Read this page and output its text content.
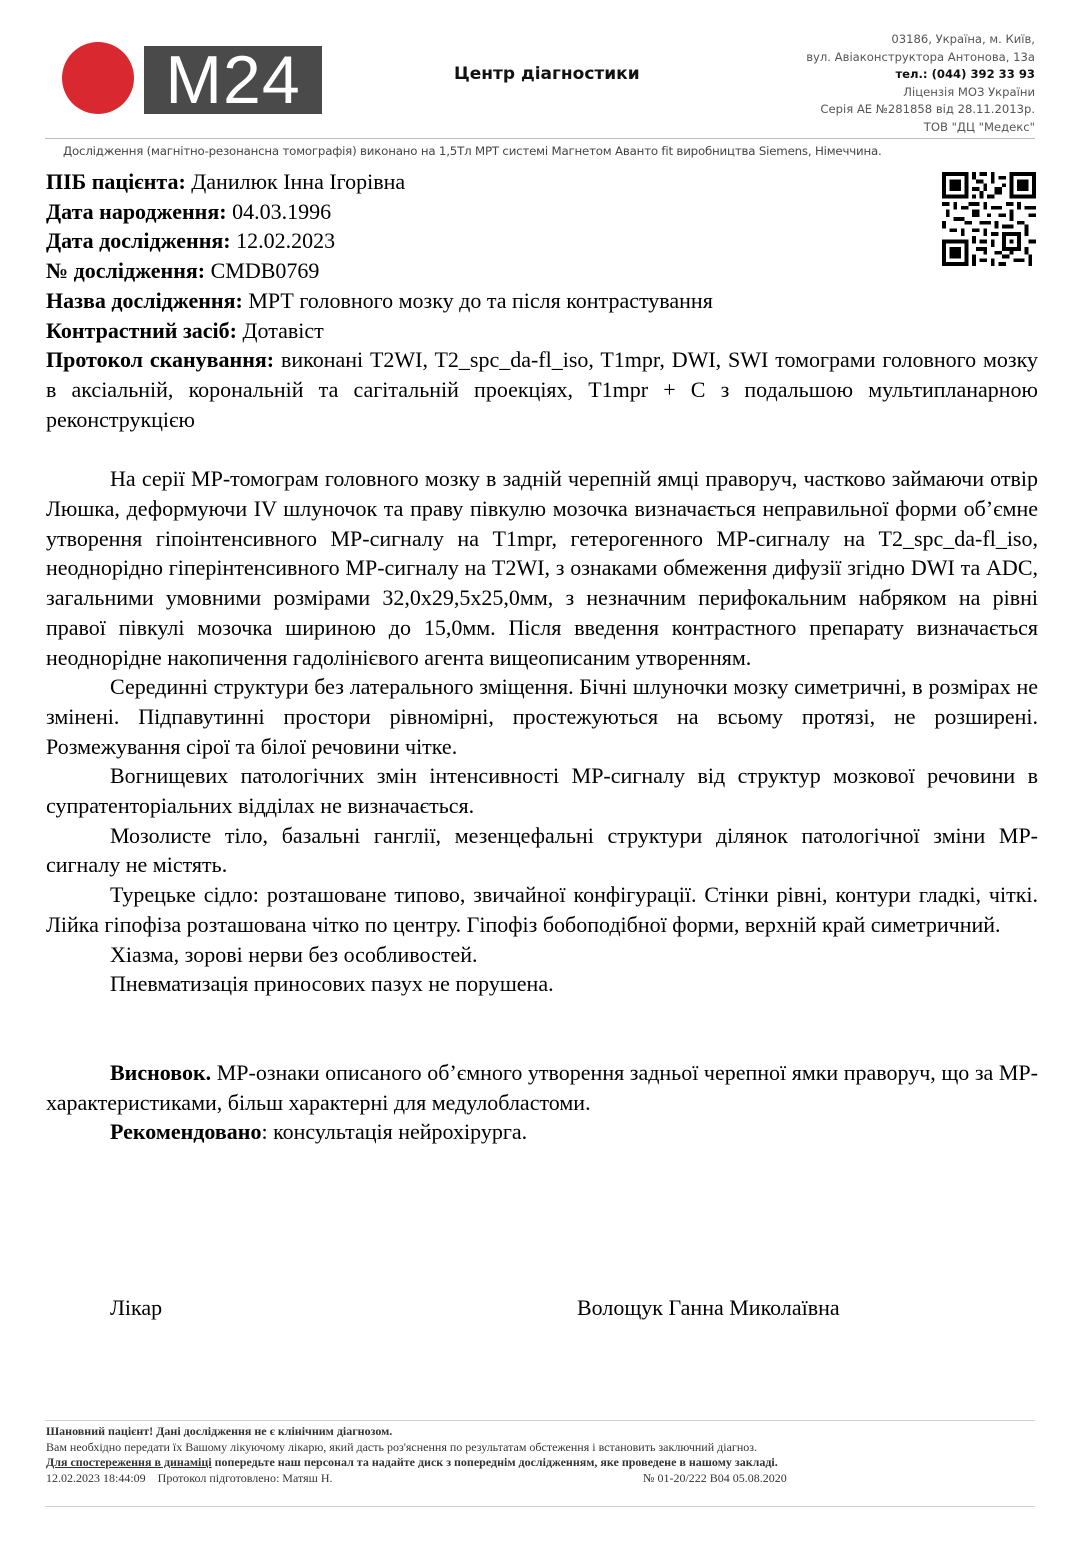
M24	Центр діагностики
03186, Україна, м. Київ,
вул. Авіаконструктора Антонова, 13а
тел.: (044) 392 33 93
Ліцензія МОЗ України
Серія АЕ №281858 від 28.11.2013р.
ТОВ "ДЦ "Медекс"
Дослідження (магнітно-резонансна томографія) виконано на 1,5Тл МРТ системі Магнетом Аванто fit виробництва Siemens, Німеччина.

ПІБ пацієнта: Данилюк Інна Ігорівна

Дата народження: 04.03.1996

Дата дослідження: 12.02.2023

№ дослідження: CMDB0769

Назва дослідження: МРТ головного мозку до та після контрастування

Контрастний засіб: Дотавіст

Протокол сканування: виконані T2WI, T2_spc_da-fl_iso, T1mpr, DWI, SWI томограми головного мозку в аксіальній, корональній та сагітальній проекціях, T1mpr + C з подальшою мультипланарною реконструкцією

На серії МР-томограм головного мозку в задній черепній ямці праворуч, частково займаючи отвір Люшка, деформуючи IV шлуночок та праву півкулю мозочка визначається неправильної форми об’ємне утворення гіпоінтенсивного МР-сигналу на T1mpr, гетерогенного МР-сигналу на T2_spc_da-fl_iso, неоднорідно гіперінтенсивного МР-сигналу на T2WI, з ознаками обмеження дифузії згідно DWI та ADC, загальними умовними розмірами 32,0х29,5х25,0мм, з незначним перифокальним набряком на рівні правої півкулі мозочка шириною до 15,0мм. Після введення контрастного препарату визначається неоднорідне накопичення гадолінієвого агента вищеописаним утворенням.

Серединні структури без латерального зміщення. Бічні шлуночки мозку симетричні, в розмірах не змінені. Підпавутинні простори рівномірні, простежуються на всьому протязі, не розширені. Розмежування сірої та білої речовини чітке.

Вогнищевих патологічних змін інтенсивності МР-сигналу від структур мозкової речовини в супратенторіальних відділах не визначається.

Мозолисте тіло, базальні ганглії, мезенцефальні структури ділянок патологічної зміни МР-сигналу не містять.

Турецьке сідло: розташоване типово, звичайної конфігурації. Стінки рівні, контури гладкі, чіткі. Лійка гіпофіза розташована чітко по центру. Гіпофіз бобоподібної форми, верхній край симетричний.

Хіазма, зорові нерви без особливостей.

Пневматизація приносових пазух не порушена.

Висновок. МР-ознаки описаного об’ємного утворення задньої черепної ямки праворуч, що за МР-характеристиками, більш характерні для медулобластоми.

Рекомендовано: консультація нейрохірурга.

Лікар	Волощук Ганна Миколаївна

Шановний пацієнт! Дані дослідження не є клінічним діагнозом.

Вам необхідно передати їх Вашому лікуючому лікарю, який дасть роз'яснення по результатам обстеження і встановить заключний діагноз.

Для спостереження в динаміці попередьте наш персонал та надайте диск з попереднім дослідженням, яке проведене в нашому закладі.

12.02.2023 18:44:09 Протокол підготовлено: Матяш Н.	№ 01-20/222 B04 05.08.2020
